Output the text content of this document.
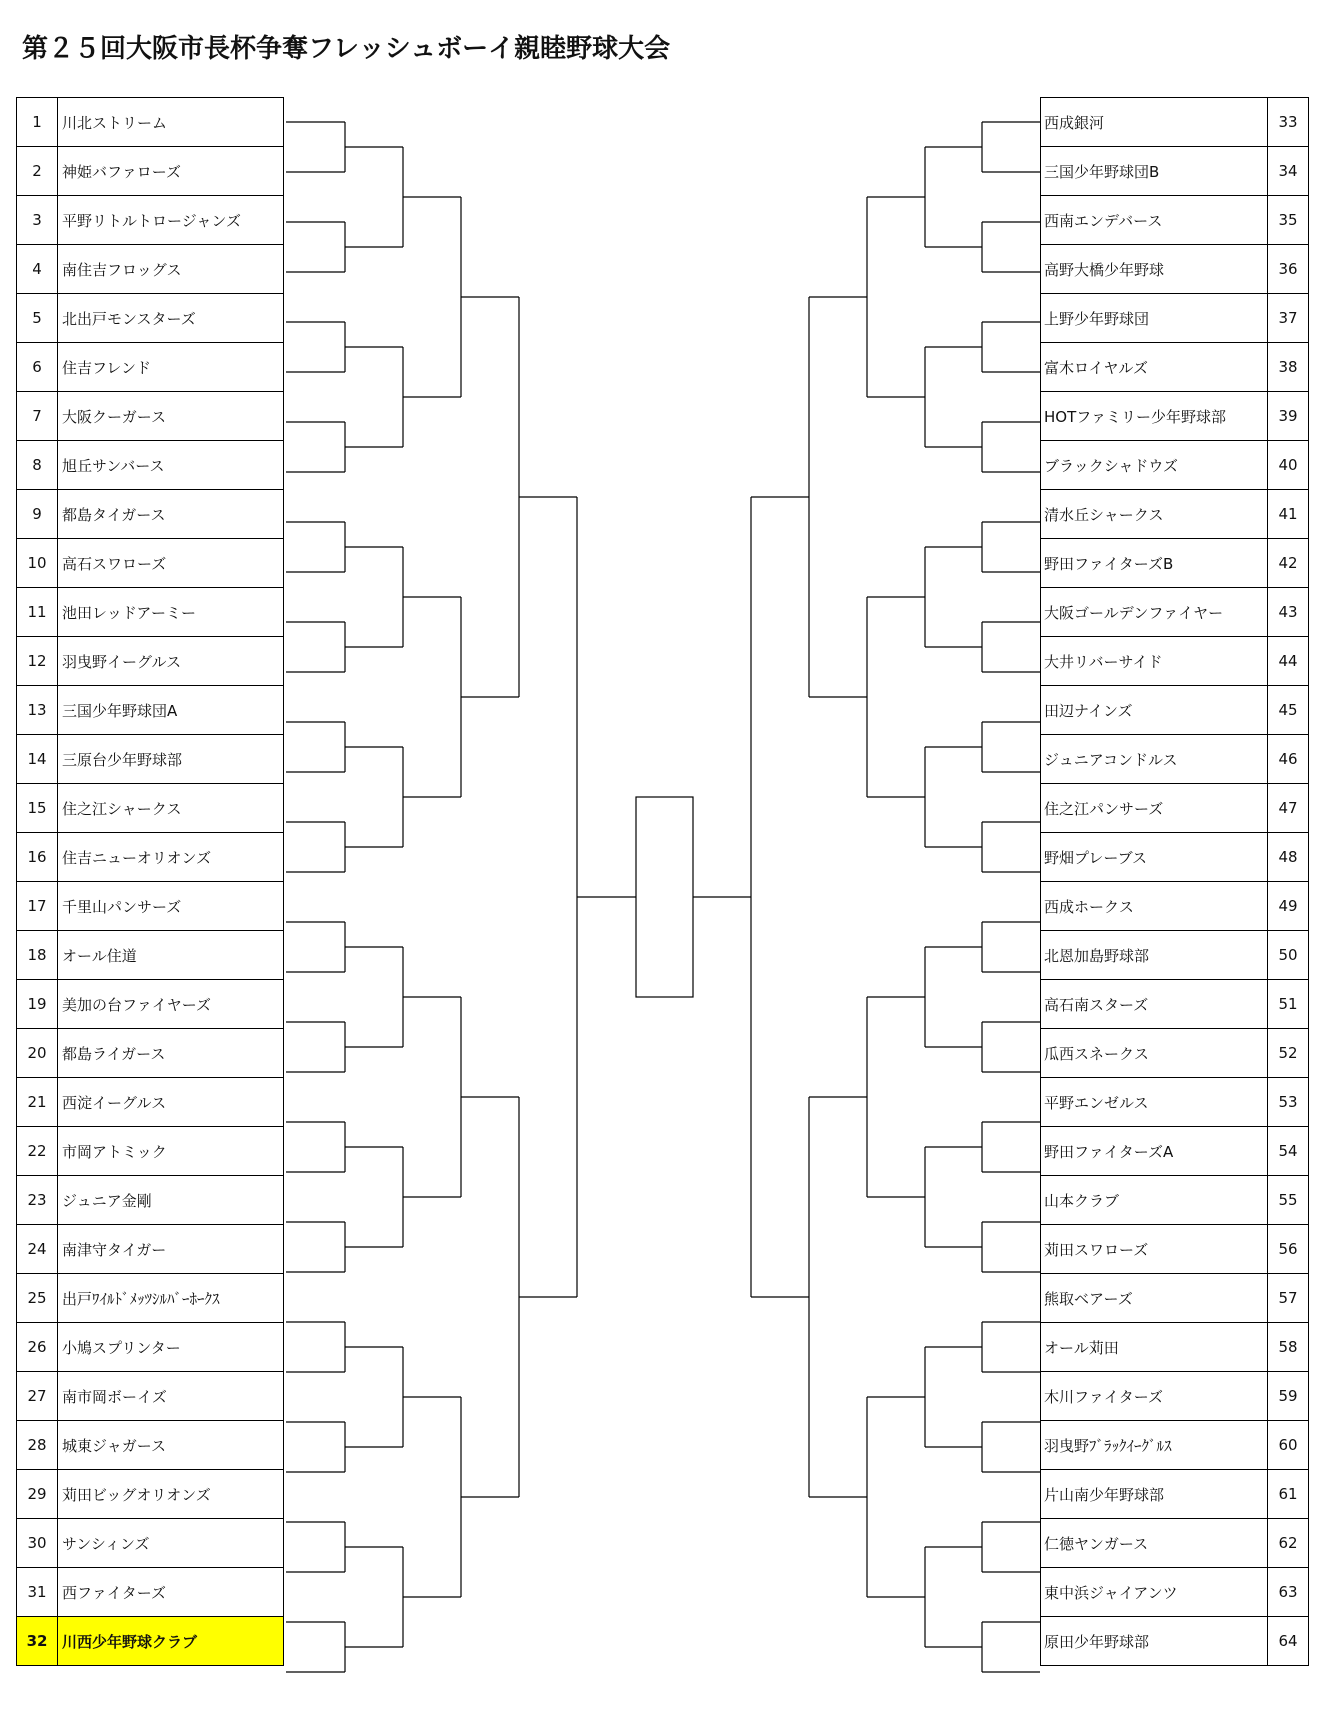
第２５回大阪市長杯争奪フレッシュボーイ親睦野球大会
1	川北ストリーム
2	神姫バファローズ
3	平野リトルトロージャンズ
4	南住吉フロッグス
5	北出戸モンスターズ
6	住吉フレンド
7	大阪クーガース
8	旭丘サンバース
9	都島タイガース
10	高石スワローズ
11	池田レッドアーミー
12	羽曳野イーグルス
13	三国少年野球団A
14	三原台少年野球部
15	住之江シャークス
16	住吉ニューオリオンズ
17	千里山パンサーズ
18	オール住道
19	美加の台ファイヤーズ
20	都島ライガース
21	西淀イーグルス
22	市岡アトミック
23	ジュニア金剛
24	南津守タイガー
25	出戸ﾜｲﾙﾄﾞﾒｯﾂｼﾙﾊﾞｰﾎｰｸｽ
26	小鳩スプリンター
27	南市岡ボーイズ
28	城東ジャガース
29	苅田ビッグオリオンズ
30	サンシィンズ
31	西ファイターズ
32	川西少年野球クラブ
西成銀河	33
三国少年野球団B	34
西南エンデバース	35
高野大橋少年野球	36
上野少年野球団	37
富木ロイヤルズ	38
HOTファミリー少年野球部	39
ブラックシャドウズ	40
清水丘シャークス	41
野田ファイターズB	42
大阪ゴールデンファイヤー	43
大井リバーサイド	44
田辺ナインズ	45
ジュニアコンドルス	46
住之江パンサーズ	47
野畑プレーブス	48
西成ホークス	49
北恩加島野球部	50
高石南スターズ	51
瓜西スネークス	52
平野エンゼルス	53
野田ファイターズA	54
山本クラブ	55
苅田スワローズ	56
熊取ベアーズ	57
オール苅田	58
木川ファイターズ	59
羽曳野ﾌﾞﾗｯｸｲｰｸﾞﾙｽ	60
片山南少年野球部	61
仁徳ヤンガース	62
東中浜ジャイアンツ	63
原田少年野球部	64
